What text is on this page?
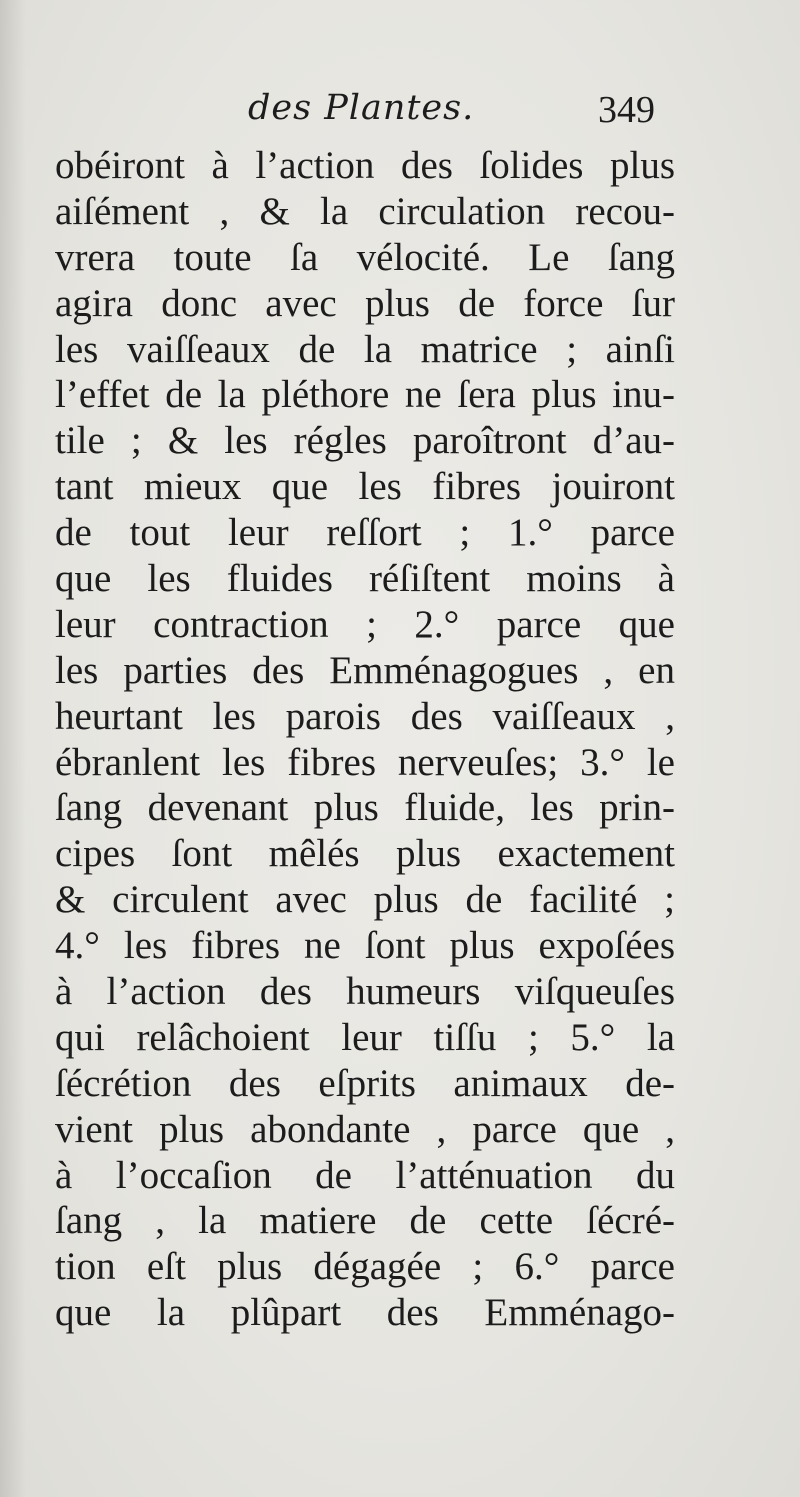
des Plantes.	349
obéiront à l’action des ſolides plus
aiſément , & la circulation recou-
vrera toute ſa vélocité. Le ſang
agira donc avec plus de force ſur
les vaiſſeaux de la matrice ; ainſi
l’effet de la pléthore ne ſera plus inu-
tile ; & les régles paroîtront d’au-
tant mieux que les fibres jouiront
de tout leur reſſort ; 1.° parce
que les fluides réſiſtent moins à
leur contraction ; 2.° parce que
les parties des Emménagogues , en
heurtant les parois des vaiſſeaux ,
ébranlent les fibres nerveuſes; 3.° le
ſang devenant plus fluide, les prin-
cipes ſont mêlés plus exactement
& circulent avec plus de facilité ;
4.° les fibres ne ſont plus expoſées
à l’action des humeurs viſqueuſes
qui relâchoient leur tiſſu ; 5.° la
ſécrétion des eſprits animaux de-
vient plus abondante , parce que ,
à l’occaſion de l’atténuation du
ſang , la matiere de cette ſécré-
tion eſt plus dégagée ; 6.° parce
que la plûpart des Emménago-
